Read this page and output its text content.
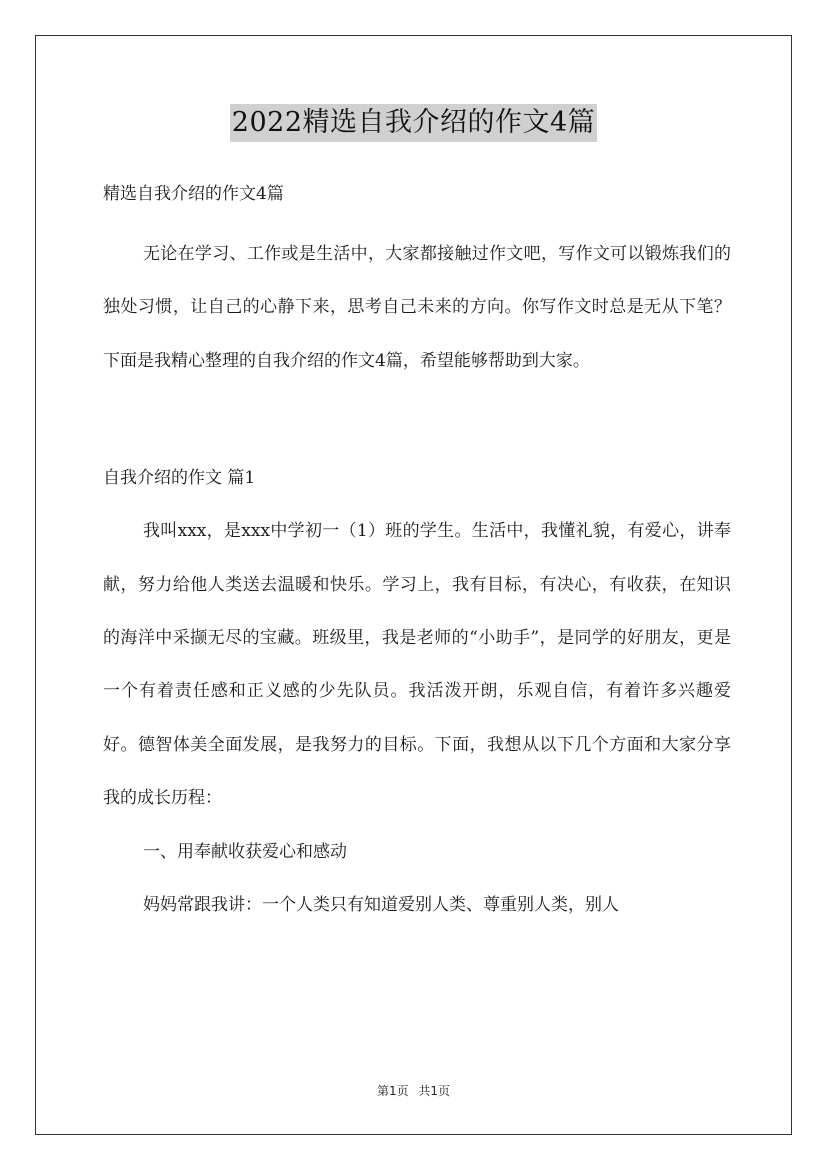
2022精选自我介绍的作文4篇

精选自我介绍的作文4篇

无论在学习、工作或是生活中，大家都接触过作文吧，写作文可以锻炼我们的独处习惯，让自己的心静下来，思考自己未来的方向。你写作文时总是无从下笔？下面是我精心整理的自我介绍的作文4篇，希望能够帮助到大家。

自我介绍的作文 篇1

我叫xxx，是xxx中学初一（1）班的学生。生活中，我懂礼貌，有爱心，讲奉献，努力给他人类送去温暖和快乐。学习上，我有目标，有决心，有收获，在知识的海洋中采撷无尽的宝藏。班级里，我是老师的“小助手”，是同学的好朋友，更是一个有着责任感和正义感的少先队员。我活泼开朗，乐观自信，有着许多兴趣爱好。德智体美全面发展，是我努力的目标。下面，我想从以下几个方面和大家分享我的成长历程：

一、用奉献收获爱心和感动

妈妈常跟我讲：一个人类只有知道爱别人类、尊重别人类，别人

第1页 共1页
